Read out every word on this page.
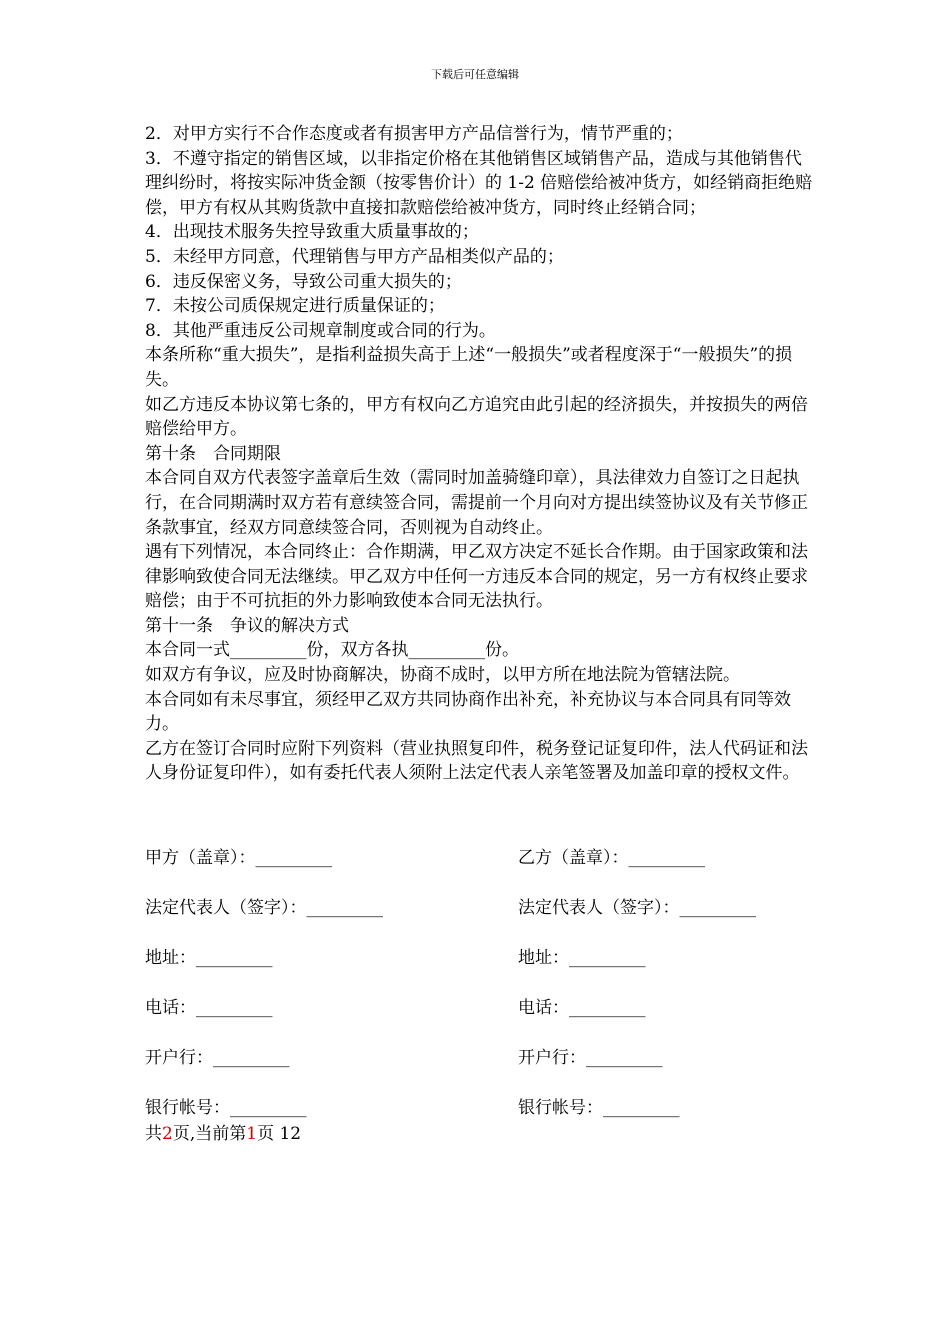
下载后可任意编辑

2．对甲方实行不合作态度或者有损害甲方产品信誉行为，情节严重的；

3．不遵守指定的销售区域，以非指定价格在其他销售区域销售产品，造成与其他销售代理纠纷时，将按实际冲货金额（按零售价计）的 1-2 倍赔偿给被冲货方，如经销商拒绝赔偿，甲方有权从其购货款中直接扣款赔偿给被冲货方，同时终止经销合同；

4．出现技术服务失控导致重大质量事故的；

5．未经甲方同意，代理销售与甲方产品相类似产品的；

6．违反保密义务，导致公司重大损失的；

7．未按公司质保规定进行质量保证的；

8．其他严重违反公司规章制度或合同的行为。

本条所称“重大损失”，是指利益损失高于上述“一般损失”或者程度深于“一般损失”的损失。

如乙方违反本协议第七条的，甲方有权向乙方追究由此引起的经济损失，并按损失的两倍赔偿给甲方。

第十条　合同期限

本合同自双方代表签字盖章后生效（需同时加盖骑缝印章），具法律效力自签订之日起执行，在合同期满时双方若有意续签合同，需提前一个月向对方提出续签协议及有关节修正条款事宜，经双方同意续签合同，否则视为自动终止。

遇有下列情况，本合同终止：合作期满，甲乙双方决定不延长合作期。由于国家政策和法律影响致使合同无法继续。甲乙双方中任何一方违反本合同的规定，另一方有权终止要求赔偿；由于不可抗拒的外力影响致使本合同无法执行。

第十一条　争议的解决方式

本合同一式_________份，双方各执_________份。

如双方有争议，应及时协商解决，协商不成时，以甲方所在地法院为管辖法院。

本合同如有未尽事宜，须经甲乙双方共同协商作出补充，补充协议与本合同具有同等效力。

乙方在签订合同时应附下列资料（营业执照复印件，税务登记证复印件，法人代码证和法人身份证复印件），如有委托代表人须附上法定代表人亲笔签署及加盖印章的授权文件。

甲方（盖章）：_________	乙方（盖章）：_________
法定代表人（签字）：_________	法定代表人（签字）：_________
地址：_________	地址：_________
电话：_________	电话：_________
开户行：_________	开户行：_________
银行帐号：_________	银行帐号：_________
共2页,当前第1页 12
